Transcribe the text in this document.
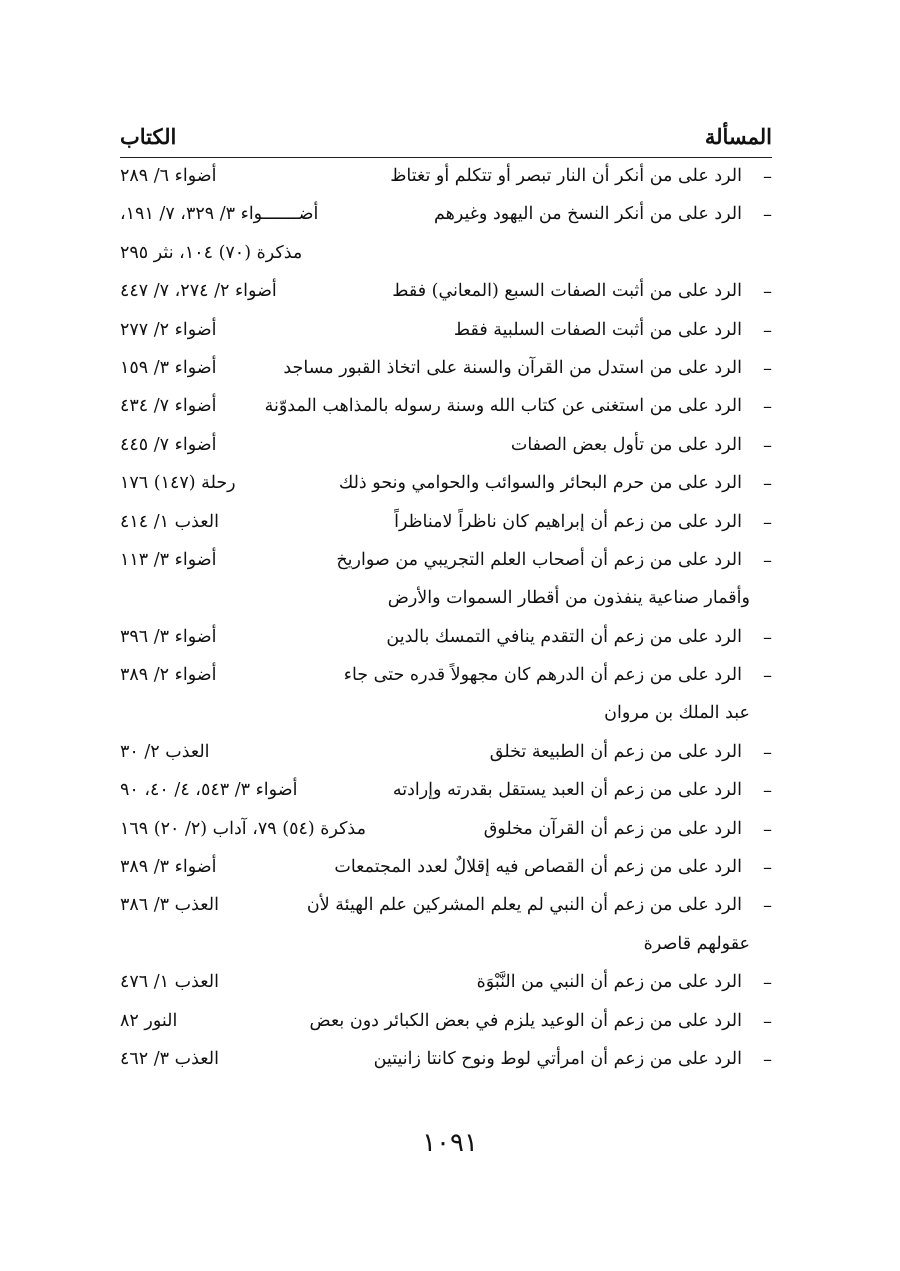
المسألة
الكتاب
–
الرد على من أنكر أن النار تبصر أو تتكلم أو تغتاظ
أضواء ٦/ ٢٨٩
–
الرد على من أنكر النسخ من اليهود وغيرهم
أضـــــــواء ٣/ ٣٢٩، ٧/ ١٩١،
مذكرة (٧٠) ١٠٤، نثر ٢٩٥
–
الرد على من أثبت الصفات السبع (المعاني) فقط
أضواء ٢/ ٢٧٤، ٧/ ٤٤٧
–
الرد على من أثبت الصفات السلبية فقط
أضواء ٢/ ٢٧٧
–
الرد على من استدل من القرآن والسنة على اتخاذ القبور مساجد
أضواء ٣/ ١٥٩
–
الرد على من استغنى عن كتاب الله وسنة رسوله بالمذاهب المدوّنة
أضواء ٧/ ٤٣٤
–
الرد على من تأول بعض الصفات
أضواء ٧/ ٤٤٥
–
الرد على من حرم البحائر والسوائب والحوامي ونحو ذلك
رحلة (١٤٧) ١٧٦
–
الرد على من زعم أن إبراهيم كان ناظراً لامناظراً
العذب ١/ ٤١٤
–
الرد على من زعم أن أصحاب العلم التجريبي من صواريخ
أضواء ٣/ ١١٣
وأقمار صناعية ينفذون من أقطار السموات والأرض
–
الرد على من زعم أن التقدم ينافي التمسك بالدين
أضواء ٣/ ٣٩٦
–
الرد على من زعم أن الدرهم كان مجهولاً قدره حتى جاء
أضواء ٢/ ٣٨٩
عبد الملك بن مروان
–
الرد على من زعم أن الطبيعة تخلق
العذب ٢/ ٣٠
–
الرد على من زعم أن العبد يستقل بقدرته وإرادته
أضواء ٣/ ٥٤٣، ٤/ ٤٠، ٩٠
–
الرد على من زعم أن القرآن مخلوق
مذكرة (٥٤) ٧٩، آداب (٢/ ٢٠) ١٦٩
–
الرد على من زعم أن القصاص فيه إقلالٌ لعدد المجتمعات
أضواء ٣/ ٣٨٩
–
الرد على من زعم أن النبي لم يعلم المشركين علم الهيئة لأن
العذب ٣/ ٣٨٦
عقولهم قاصرة
–
الرد على من زعم أن النبي من النَّبْوَة
العذب ١/ ٤٧٦
–
الرد على من زعم أن الوعيد يلزم في بعض الكبائر دون بعض
النور ٨٢
–
الرد على من زعم أن امرأتي لوط ونوح كانتا زانيتين
العذب ٣/ ٤٦٢
١٠٩١
